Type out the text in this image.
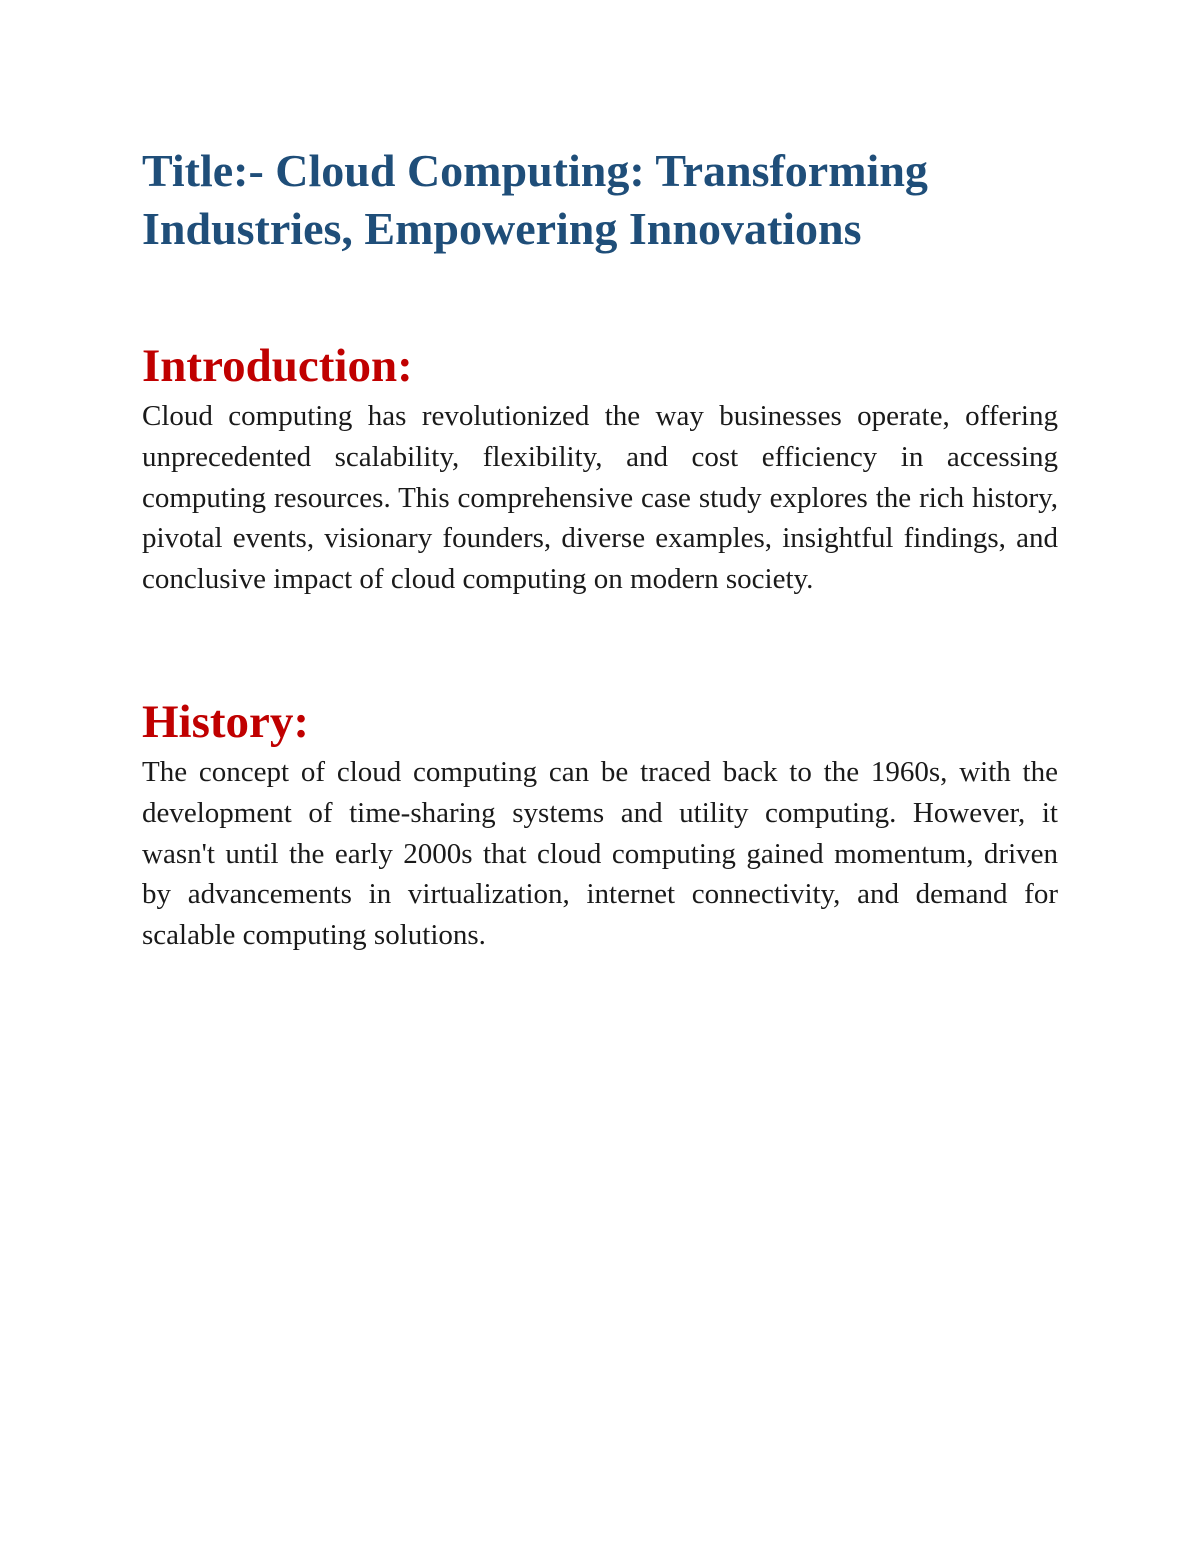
Title:- Cloud Computing: Transforming Industries, Empowering Innovations
Introduction:

Cloud computing has revolutionized the way businesses operate, offering unprecedented scalability, flexibility, and cost efficiency in accessing computing resources. This comprehensive case study explores the rich history, pivotal events, visionary founders, diverse examples, insightful findings, and conclusive impact of cloud computing on modern society.

History:

The concept of cloud computing can be traced back to the 1960s, with the development of time-sharing systems and utility computing. However, it wasn't until the early 2000s that cloud computing gained momentum, driven by advancements in virtualization, internet connectivity, and demand for scalable computing solutions.
